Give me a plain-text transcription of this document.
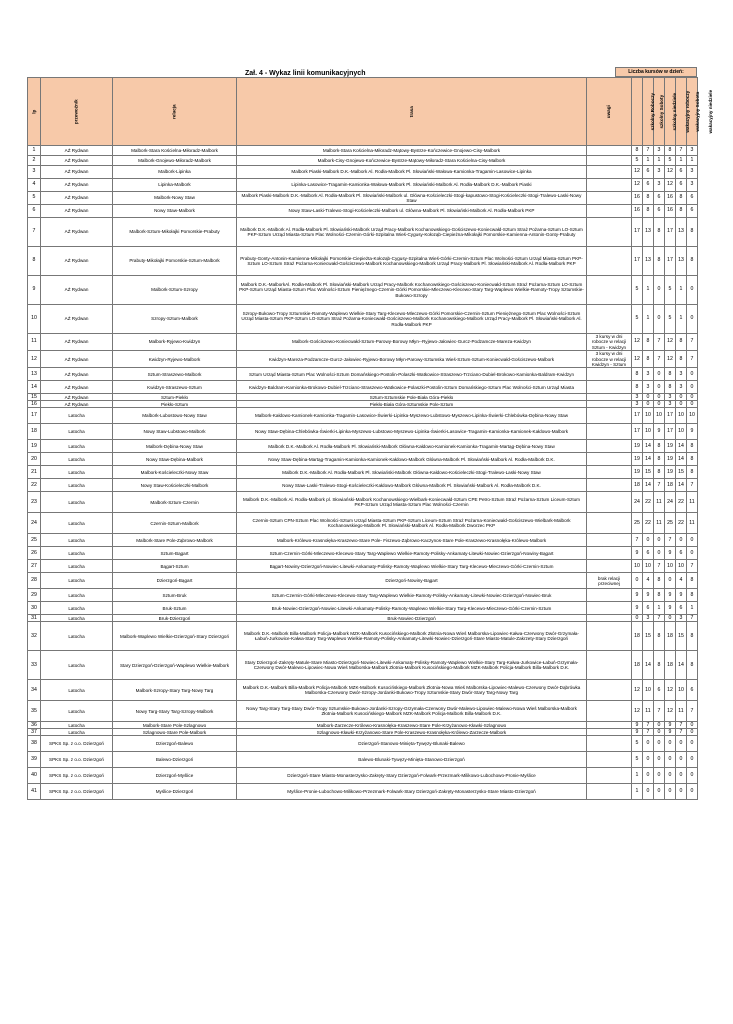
Zał. 4 - Wykaz linii komunikacyjnych	Liczba kursów w dzień:
lp	przewoźnik	relacja	trasa	uwagi	szkolny Roboczy	szkolny Soboty	szkolny niedziele	wakacyjny roboczy	wakacyjny Sobota	wakacyjny niedziele
1	AŻ Rydwan	Malbork-Stara Kościelna-Miłoradz-Malbork	Malbork-Stara Kościelna-Miłoradz-Mątowy-Bystrze-Kończewice-Gnojewo-Cisy-Malbork		8	7	3	8	7	3
2	AŻ Rydwan	Malbork-Gnojewo-Miłoradz-Malbork	Malbork-Cisy-Gnojewo-Kończewice-Bystrze-Mątowy-Miłoradz-Stara Kościelna-Cisy-Malbork		5	1	1	5	1	1
3	AŻ Rydwan	Malbork-Lipinka	Malbork Piaski-Malbork D.K.-Malbork Al. Rodła-Malbork Pl. Słowiański-Wałowa-Kamionka-Tragamin-Lasowice-Lipinka		12	6	3	12	6	3
4	AŻ Rydwan	Lipinka-Malbork	Lipinka-Lasowice-Tragamin-Kamionka-Wałowa-Malbork Pl. Słowiański-Malbork Al. Rodła-Malbork D.K.-Malbork Piaski		12	6	3	12	6	3
5	AŻ Rydwan	Malbork-Nowy Staw	Malbork Piaski-Malbork D.K.-Malbork Al. Rodła-Malbork Pl. Słowiański-Malbork ul. Główna-Kościeleczki-Stogi-kapustowo-Stogi-Kościeleczki-Stogi-Tralewo-Laski-Nowy Staw		16	8	6	16	8	6
6	AŻ Rydwan	Nowy Staw-Malbork	Nowy Staw-Laski-Tralewo-Stogi-Kościeleczki-Malbork ul. Główna-Malbork Pl. Słowiański-Malbork Al. Rodła-Malbork PKP		16	8	6	16	8	6
7	AŻ Rydwan	Malbork-Sztum-Mikołajki Pomorskie-Prabuty	Malbork D.K.-Malbork Al. Rodła-Malbork Pl. Słowiański-Malbork Urząd Pracy-Malbork Kochanowskiego-Gościszewo-Koniecwałd-Sztum Straż Pożarna-Sztum LO-Sztum PKP-Sztum Urząd Miasta-Sztum Plac Wolności-Czernin-Górki-Szpitalna Wieś-Cygusy-Kołoząb-Ciepieżna-Mikołajki Pomorskie-Kamienna-Antonin-Gonty-Prabuty		17	13	8	17	13	8
8	AŻ Rydwan	Prabuty-Mikołajki Pomorskie-Sztum-Malbork	Prabuty-Gonty-Antonin-Kamienna-Mikołajki Pomorskie-Ciepieżta-Kołoząb-Cygusy-Szpitalna Wieś-Górki-Czernin-Sztum Plac Wolności-Sztum Urząd Miasta-Sztum PKP-Sztum LO-Sztum Straż Pożarna-Koniecwałd-Gościszewo-Malbork Kochanowskiego-Malbork Urząd Pracy-Malbork Pl. Słowiański-Malbork Al. Rodła-Malbork PKP		17	13	8	17	13	8
9	AŻ Rydwan	Malbork-Sztum-Szropy	Malbork D.K.-MalborkAl. Rodła-Malbork Pl. Słowiański-Malbork Urząd Pracy-Malbork Kochanowskiego-Gościszewo-Koniecwałd-Sztum Straż Pożarna-Sztum LO-Sztum PKP-Sztum Urząd Miasta-Sztum Plac Wolności-Sztum Pieniężnego-Czernin-Górki Pomorskie-Mleczewo-Klecewo-Stary Targ-Waplewo Wielkie-Ramoty-Tropy Sztumskie-Bukowo-Szropy		5	1	0	5	1	0
10	AŻ Rydwan	Szropy-Sztum-Malbork	Szropy-Bukowo-Tropy Sztumskie-Ramoty-Waplewo Wielkie-Stary Targ-Klecewo-Mleczewo-Górki Pomorskie-Czernin-Sztum Pieniężnego-Sztum Plac Wolności-Sztum Urząd Miasta-Sztum PKP-Sztum LO-Sztum Straż Pożarna-Koniecwałd-Gościszewo-Malbork Kochanowskiego-Malbork Urząd Pracy-Malbork Pl. Słowiański-Malbork Al. Rodła-Malbork PKP		5	1	0	5	1	0
11	AŻ Rydwan	Malbork-Ryjewo-Kwidzyn	Malbork-Gościszewo-Koniecwałd-Sztum-Parowy-Borowy Młyn--Ryjewo-Jałowiec-Gurcz-Podzamcze-Mareza-Kwidzyn	3 kursy w dni robocze w relacji Sztum - Kwidzyn	12	8	7	12	8	7
12	AŻ Rydwan	Kwidzyn-Ryjewo-Malbork	Kwidzyn-Mareza-Podzamcze-Gurcz-Jałowiec-Ryjewo-Borowy Młyn-Parowy-Sztumska Wieś-Sztum-Sztum-Koniecwałd-Gościszewo-Malbork	3 kursy w dni robocze w relacji Kwidzyn - Sztum	12	8	7	12	8	7
13	AŻ Rydwan	Sztum-Straszewo-Malbork	Sztum Urząd Miasta-Sztum Plac Wolności-Sztum Domańskiego-Postolin-Polaszki-Watkowice-Straszewo-Trzciano-Dubiel-Brokowo-Kamionka-Baldram-Kwidzyn		8	3	0	8	3	0
14	AŻ Rydwan	Kwidzyn-Straszewo-Sztum	Kwidzyn-Baldram-Kamionka-Brokowo-Dubiel-Trzciano-Straszewo-Watkowice-Polaszki-Postolin-Sztum Domańskiego-Sztum Plac Wolności-Sztum Urząd Miasta		8	3	0	8	3	0
15	AŻ Rydwan	Sztum-Piekło	Sztum-Sztumskie Pole-Biała Góra-Piekło		3	0	0	3	0	0
16	AŻ Rydwan	Piekło-Sztum	Piekło-Biała Góra-Sztumskie Pole-Sztum		3	0	0	3	0	0
17	Latocha	Malbork-Lubostowo-Nowy Staw	Malbork-Kałdowo-Kamionek-Kamionka-Tragamin-Lasowice-Świerki-Lipinka-Myszewo-Lubstowo-Myszewo-Lipinka-Świerki-Chlebówka-Dębina-Nowy Staw		17	10	10	17	10	10
18	Latocha	Nowy Staw-Lubstowo-Malbork	Nowy Staw-Dębina-Chlebówka-Świerki-Lipinka-Myszewo-Lubstowo-Myszewo-Lipinka-Świerki-Lasowice-Tragamin-Kamionka-Kamionek-Kałdowo-Malbork		17	10	9	17	10	9
19	Latocha	Malbork-Dębina-Nowy Staw	Malbork D.K.-Malbork Al. Rodła-Malbork Pl. Słowiański-Malbork Główna-Kałdowo-Kamionek-Kamionka-Tragamin-Martąg-Dębina-Nowy Staw		19	14	8	19	14	8
20	Latocha	Nowy Staw-Dębina-Malbork	Nowy Staw-Dębina-Martąg-Tragamin-Kamionka-Kamionek-Kałdowo-Malbork Główna-Malbork Pl. Słowiański-Malbork Al. Rodła-Malbork D.K.		19	14	8	19	14	8
21	Latocha	Malbork-Kościeleczki-Nowy Staw	Malbork D.K.-Malbork Al. Rodła-Malbork Pl. Słowiański-Malbork Główna-Kałdowo-Kościeleczki-Stogi-Tralewo-Laski-Nowy Staw		19	15	8	19	15	8
22	Latocha	Nowy Staw-Kościeleczki-Malbork	Nowy Staw-Laski-Tralewo-Stogi-Kościeleczki-Kałdowo-Malbork Główna-Malbork Pl. Słowiański-Malbork Al. Rodła-Malbork D.K.		18	14	7	18	14	7
23	Latocha	Malbork-Sztum-Czernin	Malbork D.K.-Malbork Al. Rodła-Malbork pl. Słowiański-Malbork Kochanowskiego-Wielbark-Koniecwałd-Sztum CPE Petro-Sztum Straż Pożarna-Sztum Liceum-Sztum PKP-Sztum Urząd Miasta-Sztum Plac Wolności-Czernin		24	22	11	24	22	11
24	Latocha	Czernin-Sztum-Malbork	Czernin-Sztum CPN-Sztum Plac Wolności-Sztum Urząd Miasta-Sztum PKP-Sztum Liceum-Sztum Straż Pożarna-Koniecwałd-Gościszewo-Wielbark-Malbork Kochanowskiego-Malbork Pl. Słowiański-Malbork Al. Rodła-Malbork Dworzec PKP		25	22	11	25	22	11
25	Latocha	Malbork-Stare Pole-Ząbrowo-Malbork	Malbork-Królewo-Krasnołęka-Kraszewo-Stare Pole- Fiszewo-Ząbrowo-Kaczynos-Stare Pole-Kraszewo-Krasnołęka-Królewo-Malbork		7	0	0	7	0	0
26	Latocha	Sztum-Bągart	Sztum-Czernin-Górki-Mleczewo-Klecewo-Stary Targ-Waplewo Wielkie-Ramoty-Polisky-Ankamaty-Litewki-Nowiec-Dzierzgoń-Nowiny-Bągart		9	6	0	9	6	0
27	Latocha	Bągart-Sztum	Bągart-Nowiny-Dzierzgoń-Nowiec-Litewki-Ankamaty-Polisky-Ramoty-Waplewo Wielkie-Stary Targ-Klecewo-Mleczewo-Górki-Czernin-Sztum		10	10	7	10	10	7
28	Latocha	Dzierzgoń-Bągart	Dzierzgoń-Nowiny-Bągart	brak relacji przeciwnej	0	4	8	0	4	8
29	Latocha	Sztum-Bruk	Sztum-Czernin-Górki-Mleczewo-Klecewo-Stary Targ-Waplewo Wielkie-Ramoty-Polisky-Ankamaty-Litewki-Nowiec-Dzierzgoń-Nowiec-Bruk		9	9	8	9	9	8
30	Latocha	Bruk-Sztum	Bruk-Nowiec-Dzierzgoń-Nowiec-Litewki-Ankamaty-Polisky-Ramoty-Waplewo Wielkie-Stary Targ-Klecewo-Mleczewo-Górki-Czernin-Sztum		9	6	1	9	6	1
31	Latocha	Bruk-Dzierzgoń	Bruk-Nowiec-Dzierzgoń		0	3	7	0	3	7
32	Latocha	Malbork-Waplewo Wielkie-Dzierzgoń-Stary Dzierzgoń	Malbork D.K.-Malbork Billa-Malbork Policja-Malbork MZK-Malbork Kusocińskiego-Malbork Złotnia-Nowa Wieś Malborska-Lipowiec-Kałwa-Czerwony Dwór-Grzymała-Łabuń-Jurkowice-Kałwa-Stary Targ-Waplewo Wielkie-Ramoty-Polisky-Ankamaty-Litewki-Nowiec-Dzierzgoń-Stare Miasto-Matule-Zakrzety-Stary Dzierzgoń		18	15	8	18	15	8
33	Latocha	Stary Dzierzgoń-Dzierzgoń-Waplewo Wielkie-Malbork	Stary Dzierzgoń-Zakręty-Matule-Stare Miasto-Dzierzgoń-Nowiec-Litewki-Ankamaty-Polisky-Ramoty-Waplewo Wielkie-Stary Targ-Kałwa-Jurkowice-Łabuń-Grzymała-Czerwony Dwór-Malewo-Lipowiec-Nowa Wieś Malborska-Malbork Złotnia-Malbork Kusocińskiego-Malbork MZK-Malbork Policja-Malbork Billa-Malbork D.K.		18	14	8	18	14	8
34	Latocha	Malbork-Szropy-Stary Targ-Nowy Targ	Malbork D.K.-Malbork Billa-Malbork Policja-Malbork MZK-Malbork Kusocińskiego-Malbork Złotnia-Nowa Wieś Malborska-Lipowiec-Malewo-Czerwony Dwór-Dąbrówka Malborska-Czerwony Dwór-Szropy-Jordanki-Bukowo-Tropy Sztumskie-Stary Dwór-Stary Targ-Nowy Targ		12	10	6	12	10	6
35	Latocha	Nowy Targ-Stary Targ-Szropy-Malbork	Nowy Targ-Stary Targ-Stary Dwór-Tropy Sztumskie-Bukowo-Jordanki-Szropy-Grzymała-Czerwony Dwór-Malewo-Lipowiec-Malewo-Nowa Wieś Malborska-Malbork Złotnia-Malbork Kusocińskiego-Malbork MZK-Malbork Policja-Malbork Billa-Malbork D.K.		12	11	7	12	11	7
36	Latocha	Malbork-Stare Pole-Szlagnowo	Malbork-Zarzecze-Królewo-Krasnołęka-Kraszewo-Stare Pole-Krzyżanowo-Kławki-Szlagnowo		9	7	0	9	7	0
37	Latocha	Szlagnowo-Stare Pole-Malbork	Szlagnowo-Kławki-Krzyżanowo-Stare Pole-Kraszewo-Krasnołęka-Królewo-Zarzecze-Malbork		9	7	0	9	7	0
38	SPKS Sp. z o.o. Dzierzgoń	Dzierzgoń-Balewo	Dzierzgoń-Stanowo-Minięta-Tywęzy-Blunaki-Balewo		5	0	0	0	0	0
39	SPKS Sp. z o.o. Dzierzgoń	Balewo-Dzierzgoń	Balewo-Blunaki-Tywęzy-Minięta-Stanowo-Dzierzgoń		5	0	0	0	0	0
40	SPKS Sp. z o.o. Dzierzgoń	Dzierzgoń-Myślice	Dzierzgoń-Stare Miasto-Monasterzysko-Zakręty-Stary Dzierzgoń-Folwark-Przezmark-Milikowo-Lubochowo-Pronie-Myślice		1	0	0	0	0	0
41	SPKS Sp. z o.o. Dzierzgoń	Myślice-Dzierzgoń	Myślice-Pronie-Lubochowo-Milikowo-Przezmark-Folwark-Stary Dzierzgoń-Zakręty-Monasterzysko-Stare Miasto-Dzierzgoń		1	0	0	0	0	0
